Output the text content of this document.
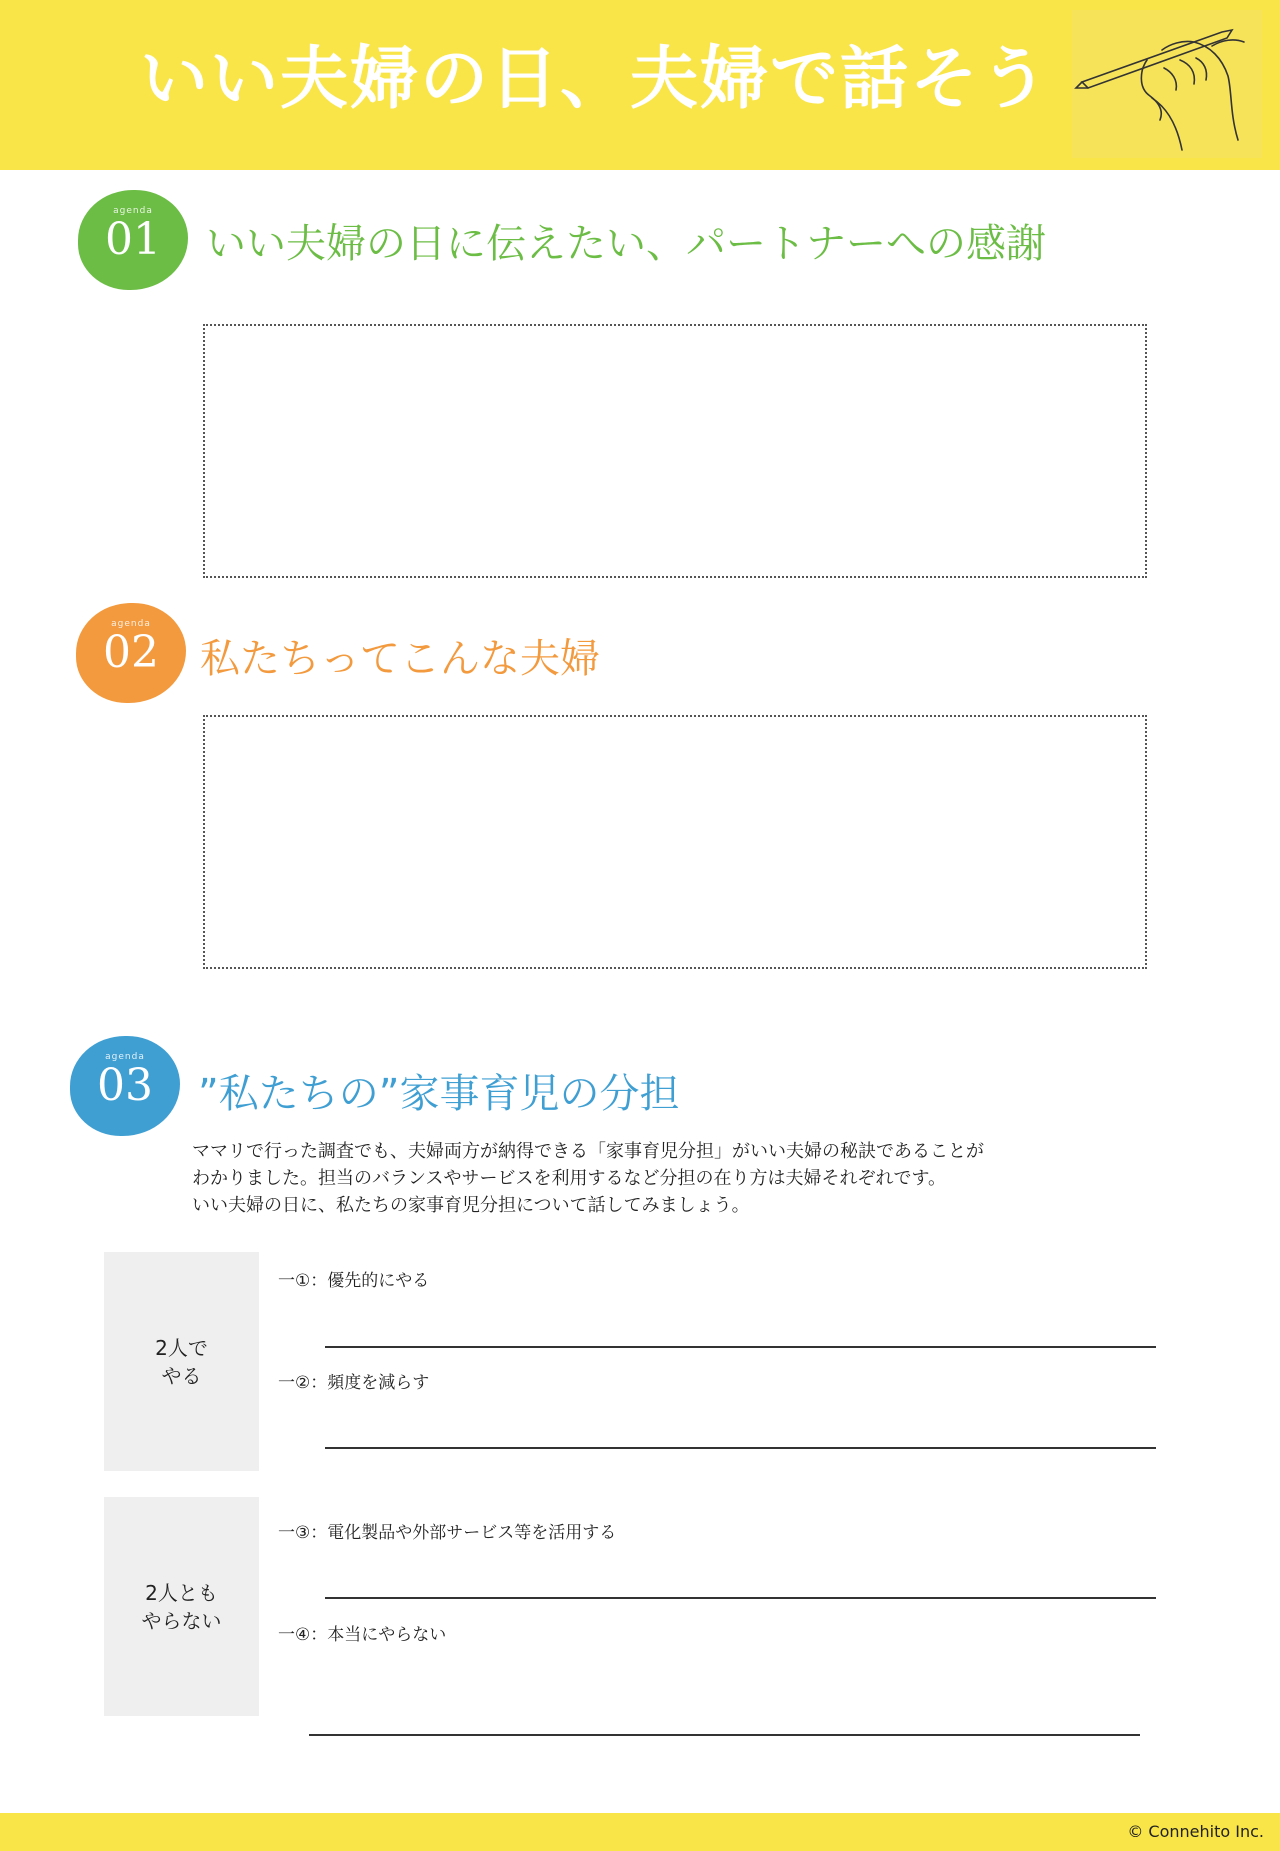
いい夫婦の日、夫婦で話そう
agenda
01	いい夫婦の日に伝えたい、パートナーへの感謝
agenda
02	私たちってこんな夫婦
agenda
03	”私たちの”家事育児の分担
ママリで行った調査でも、夫婦両方が納得できる「家事育児分担」がいい夫婦の秘訣であることが
わかりました。担当のバランスやサービスを利用するなど分担の在り方は夫婦それぞれです。
いい夫婦の日に、私たちの家事育児分担について話してみましょう。
2人で
やる
一①：優先的にやる
一②：頻度を減らす
2人とも
やらない
一③：電化製品や外部サービス等を活用する
一④：本当にやらない
© Connehito Inc.
